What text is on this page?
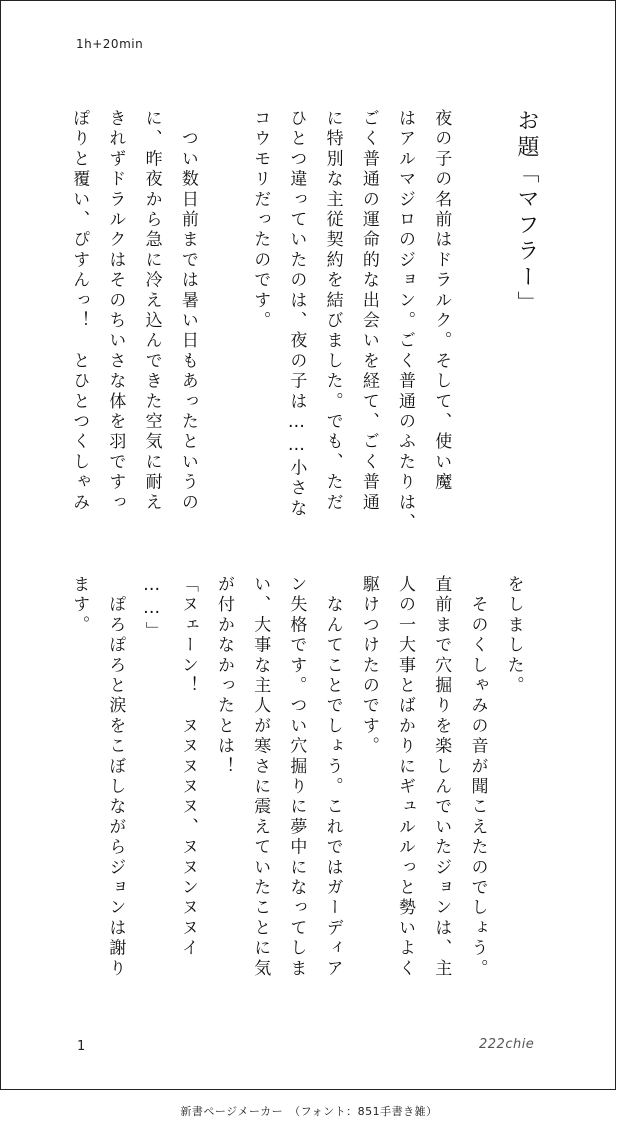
1h+20min
お題「マフラー」
夜の子の名前はドラルク。そして、使い魔
はアルマジロのジョン。ごく普通のふたりは、
ごく普通の運命的な出会いを経て、ごく普通
に特別な主従契約を結びました。でも、ただ
ひとつ違っていたのは、夜の子は……小さな
コウモリだったのです。

　つい数日前までは暑い日もあったというの
に、昨夜から急に冷え込んできた空気に耐え
きれずドラルクはそのちいさな体を羽ですっ
ぽりと覆い、ぴすんっ！　とひとつくしゃみ
をしました。
　そのくしゃみの音が聞こえたのでしょう。
直前まで穴掘りを楽しんでいたジョンは、主
人の一大事とばかりにギュルルっと勢いよく
駆けつけたのです。
　なんてことでしょう。これではガーディア
ン失格です。つい穴掘りに夢中になってしま
い、大事な主人が寒さに震えていたことに気
が付かなかったとは！
「ヌェーン！　ヌヌヌヌヌ、ヌヌンヌヌイ
……」
　ぽろぽろと涙をこぼしながらジョンは謝り
ます。
1	222chie
新書ページメーカー　（フォント：851手書き雑）
